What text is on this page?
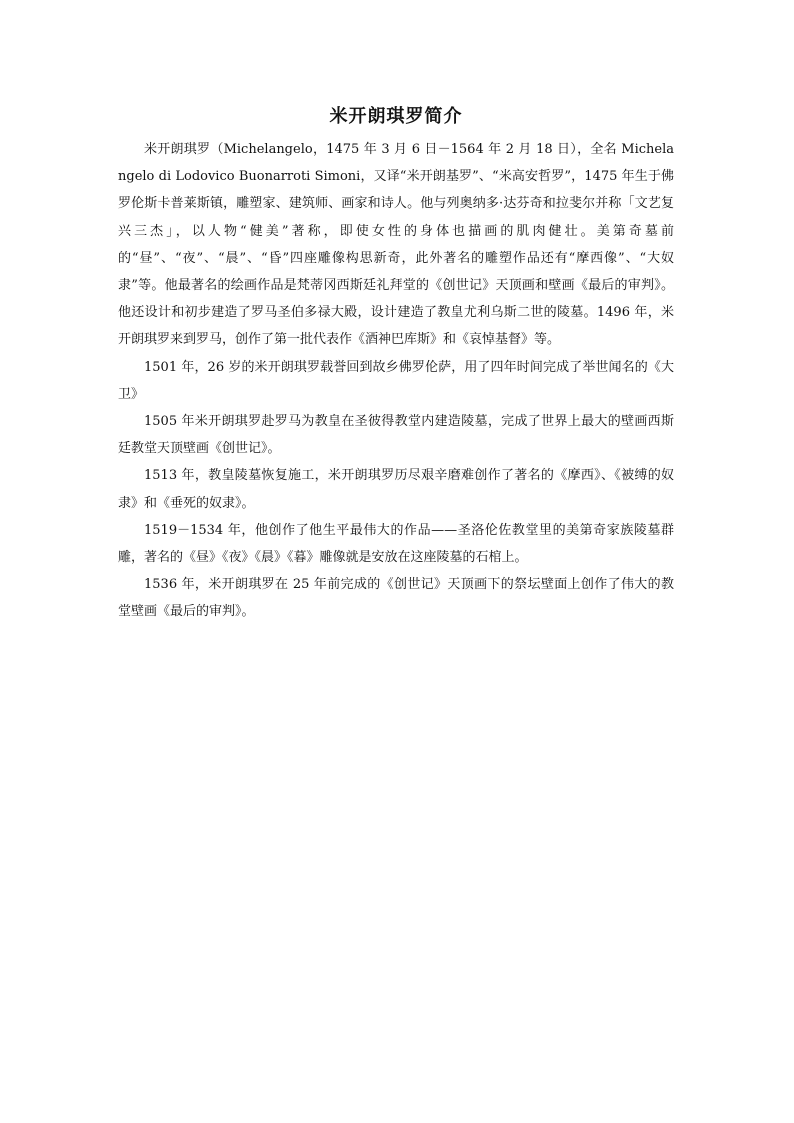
米开朗琪罗简介

米开朗琪罗（Michelangelo，1475 年 3 月 6 日－1564 年 2 月 18 日），全名 Michelangelo di Lodovico Buonarroti Simoni，又译“米开朗基罗”、“米高安哲罗”，1475 年生于佛罗伦斯卡普莱斯镇，雕塑家、建筑师、画家和诗人。他与列奥纳多·达芬奇和拉斐尔并称「文艺复兴三杰」，以人物“健美”著称，即使女性的身体也描画的肌肉健壮。美第奇墓前的“昼”、“夜”、“晨”、“昏”四座雕像构思新奇，此外著名的雕塑作品还有“摩西像”、“大奴隶”等。他最著名的绘画作品是梵蒂冈西斯廷礼拜堂的《创世记》天顶画和壁画《最后的审判》。他还设计和初步建造了罗马圣伯多禄大殿，设计建造了教皇尤利乌斯二世的陵墓。1496 年，米开朗琪罗来到罗马，创作了第一批代表作《酒神巴库斯》和《哀悼基督》等。

1501 年，26 岁的米开朗琪罗载誉回到故乡佛罗伦萨，用了四年时间完成了举世闻名的《大卫》

1505 年米开朗琪罗赴罗马为教皇在圣彼得教堂内建造陵墓，完成了世界上最大的壁画西斯廷教堂天顶壁画《创世记》。

1513 年，教皇陵墓恢复施工，米开朗琪罗历尽艰辛磨难创作了著名的《摩西》、《被缚的奴隶》和《垂死的奴隶》。

1519－1534 年，他创作了他生平最伟大的作品——圣洛伦佐教堂里的美第奇家族陵墓群雕，著名的《昼》《夜》《晨》《暮》雕像就是安放在这座陵墓的石棺上。

1536 年，米开朗琪罗在 25 年前完成的《创世记》天顶画下的祭坛壁面上创作了伟大的教堂壁画《最后的审判》。
